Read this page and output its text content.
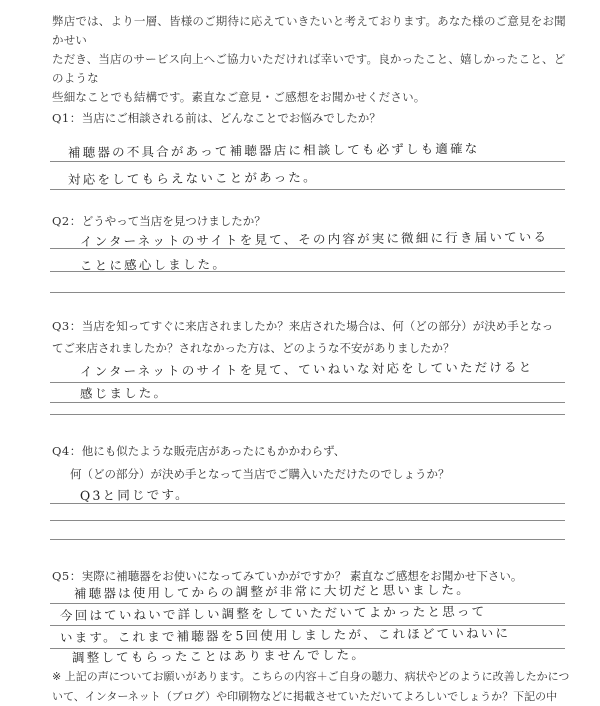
弊店では、より一層、皆様のご期待に応えていきたいと考えております。あなた様のご意見をお聞かせい
ただき、当店のサービス向上へご協力いただければ幸いです。良かったこと、嬉しかったこと、どのような
些細なことでも結構です。素直なご意見・ご感想をお聞かせください。
Q1：当店にご相談される前は、どんなことでお悩みでしたか？
補聴器の不具合があって補聴器店に相談しても必ずしも適確な
対応をしてもらえないことがあった。
Q2：どうやって当店を見つけましたか？
インターネットのサイトを見て、その内容が実に微細に行き届いている
ことに感心しました。
Q3：当店を知ってすぐに来店されましたか？来店された場合は、何（どの部分）が決め手となっ
てご来店されましたか？されなかった方は、どのような不安がありましたか？
インターネットのサイトを見て、ていねいな対応をしていただけると
感じました。
Q4：他にも似たような販売店があったにもかかわらず、
何（どの部分）が決め手となって当店でご購入いただけたのでしょうか？
Q3と同じです。
Q5：実際に補聴器をお使いになってみていかがですか？ 素直なご感想をお聞かせ下さい。
補聴器は使用してからの調整が非常に大切だと思いました。
今回はていねいで詳しい調整をしていただいてよかったと思って
います。これまで補聴器を5回使用しましたが、これほどていねいに
調整してもらったことはありませんでした。
※ 上記の声についてお願いがあります。こちらの内容＋ご自身の聴力、病状やどのように改善したかにつ
いて、インターネット（ブログ）や印刷物などに掲載させていただいてよろしいでしょうか？下記の中
